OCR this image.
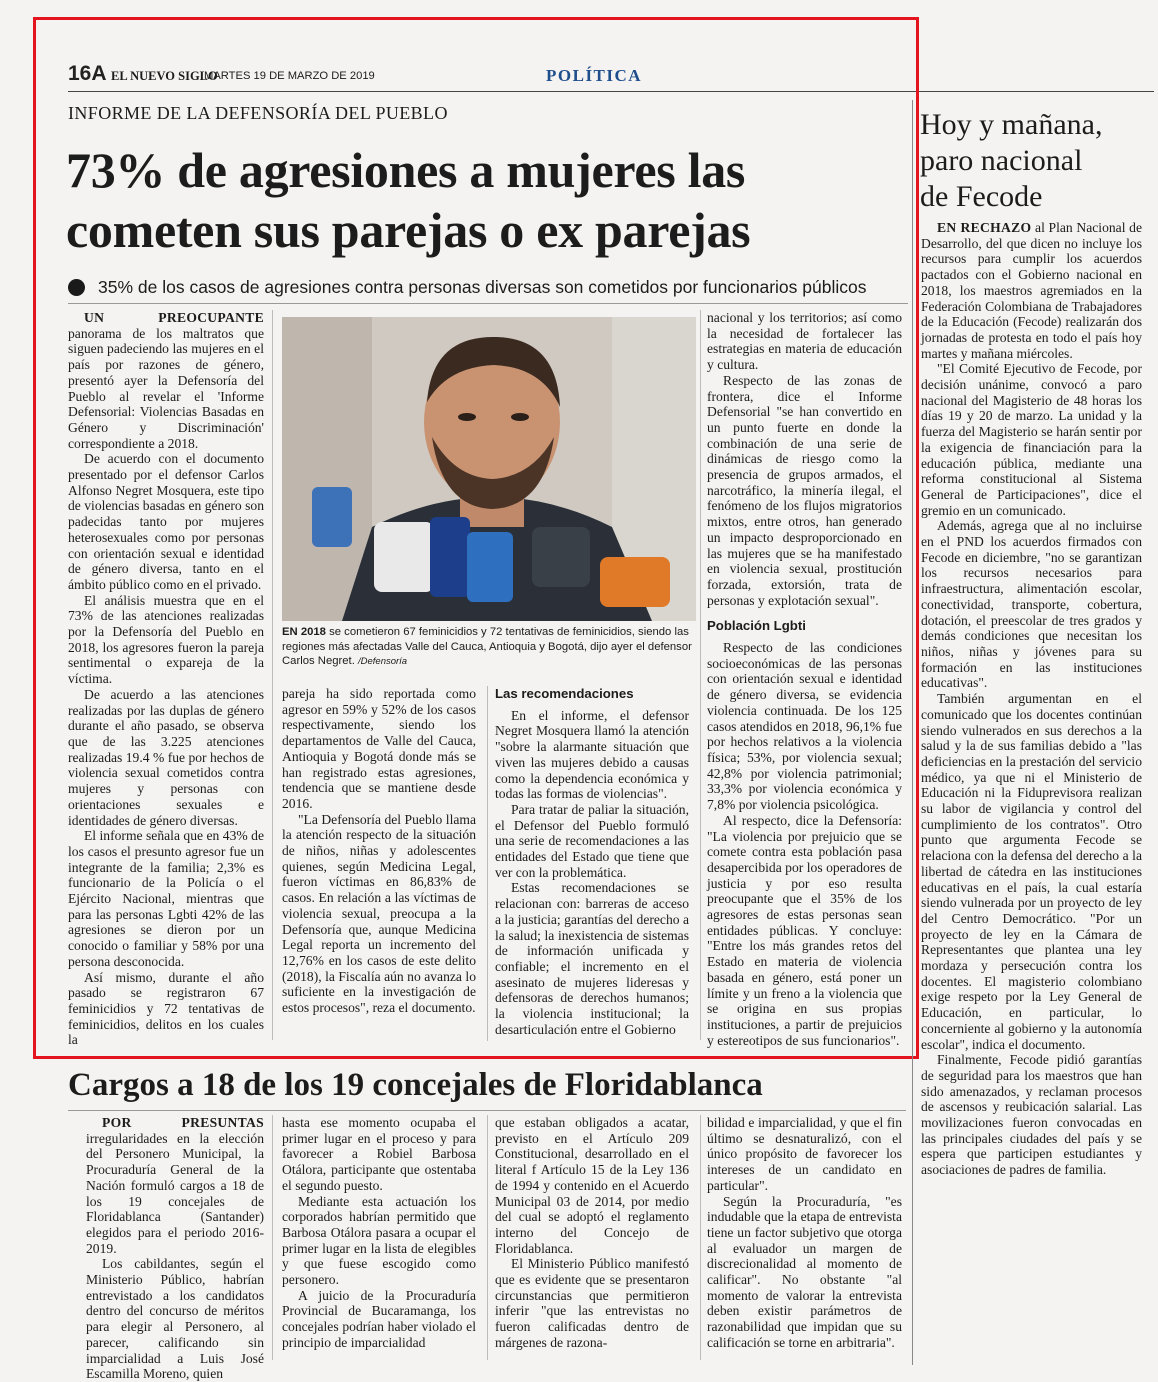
16A EL NUEVO SIGLO
MARTES 19 DE MARZO DE 2019	POLÍTICA
INFORME DE LA DEFENSORÍA DEL PUEBLO
73% de agresiones a mujeres las
cometen sus parejas o ex parejas
35% de los casos de agresiones contra personas diversas son cometidos por funcionarios públicos

UN PREOCUPANTE panorama de los maltratos que siguen padeciendo las mujeres en el país por razones de género, presentó ayer la Defensoría del Pueblo al revelar el 'Informe Defensorial: Violencias Basadas en Género y Discriminación' correspondiente a 2018.

De acuerdo con el documento presentado por el defensor Carlos Alfonso Negret Mosquera, este tipo de violencias basadas en género son padecidas tanto por mujeres heterosexuales como por personas con orientación sexual e identidad de género diversa, tanto en el ámbito público como en el privado.

El análisis muestra que en el 73% de las atenciones realizadas por la Defensoría del Pueblo en 2018, los agresores fueron la pareja sentimental o expareja de la víctima.

De acuerdo a las atenciones realizadas por las duplas de género durante el año pasado, se observa que de las 3.225 atenciones realizadas 19.4 % fue por hechos de violencia sexual cometidos contra mujeres y personas con orientaciones sexuales e identidades de género diversas.

El informe señala que en 43% de los casos el presunto agresor fue un integrante de la familia; 2,3% es funcionario de la Policía o el Ejército Nacional, mientras que para las personas Lgbti 42% de las agresiones se dieron por un conocido o familiar y 58% por una persona desconocida.

Así mismo, durante el año pasado se registraron 67 feminicidios y 72 tentativas de feminicidios, delitos en los cuales la

EN 2018 se cometieron 67 feminicidios y 72 tentativas de feminicidios, siendo las regiones más afectadas Valle del Cauca, Antioquia y Bogotá, dijo ayer el defensor Carlos Negret. /Defensoría

pareja ha sido reportada como agresor en 59% y 52% de los casos respectivamente, siendo los departamentos de Valle del Cauca, Antioquia y Bogotá donde más se han registrado estas agresiones, tendencia que se mantiene desde 2016.

"La Defensoría del Pueblo llama la atención respecto de la situación de niños, niñas y adolescentes quienes, según Medicina Legal, fueron víctimas en 86,83% de casos. En relación a las víctimas de violencia sexual, preocupa a la Defensoría que, aunque Medicina Legal reporta un incremento del 12,76% en los casos de este delito (2018), la Fiscalía aún no avanza lo suficiente en la investigación de estos procesos", reza el documento.

Las recomendaciones

En el informe, el defensor Negret Mosquera llamó la atención "sobre la alarmante situación que viven las mujeres debido a causas como la dependencia económica y todas las formas de violencias".

Para tratar de paliar la situación, el Defensor del Pueblo formuló una serie de recomendaciones a las entidades del Estado que tiene que ver con la problemática.

Estas recomendaciones se relacionan con: barreras de acceso a la justicia; garantías del derecho a la salud; la inexistencia de sistemas de información unificada y confiable; el incremento en el asesinato de mujeres lideresas y defensoras de derechos humanos; la violencia institucional; la desarticulación entre el Gobierno

nacional y los territorios; así como la necesidad de fortalecer las estrategias en materia de educación y cultura.

Respecto de las zonas de frontera, dice el Informe Defensorial "se han convertido en un punto fuerte en donde la combinación de una serie de dinámicas de riesgo como la presencia de grupos armados, el narcotráfico, la minería ilegal, el fenómeno de los flujos migratorios mixtos, entre otros, han generado un impacto desproporcionado en las mujeres que se ha manifestado en violencia sexual, prostitución forzada, extorsión, trata de personas y explotación sexual".

Población Lgbti

Respecto de las condiciones socioeconómicas de las personas con orientación sexual e identidad de género diversa, se evidencia violencia continuada. De los 125 casos atendidos en 2018, 96,1% fue por hechos relativos a la violencia física; 53%, por violencia sexual; 42,8% por violencia patrimonial; 33,3% por violencia económica y 7,8% por violencia psicológica.

Al respecto, dice la Defensoría: "La violencia por prejuicio que se comete contra esta población pasa desapercibida por los operadores de justicia y por eso resulta preocupante que el 35% de los agresores de estas personas sean entidades públicas. Y concluye: "Entre los más grandes retos del Estado en materia de violencia basada en género, está poner un límite y un freno a la violencia que se origina en sus propias instituciones, a partir de prejuicios y estereotipos de sus funcionarios".

Hoy y mañana,
paro nacional
de Fecode

EN RECHAZO al Plan Nacional de Desarrollo, del que dicen no incluye los recursos para cumplir los acuerdos pactados con el Gobierno nacional en 2018, los maestros agremiados en la Federación Colombiana de Trabajadores de la Educación (Fecode) realizarán dos jornadas de protesta en todo el país hoy martes y mañana miércoles.

"El Comité Ejecutivo de Fecode, por decisión unánime, convocó a paro nacional del Magisterio de 48 horas los días 19 y 20 de marzo. La unidad y la fuerza del Magisterio se harán sentir por la exigencia de financiación para la educación pública, mediante una reforma constitucional al Sistema General de Participaciones", dice el gremio en un comunicado.

Además, agrega que al no incluirse en el PND los acuerdos firmados con Fecode en diciembre, "no se garantizan los recursos necesarios para infraestructura, alimentación escolar, conectividad, transporte, cobertura, dotación, el preescolar de tres grados y demás condiciones que necesitan los niños, niñas y jóvenes para su formación en las instituciones educativas".

También argumentan en el comunicado que los docentes continúan siendo vulnerados en sus derechos a la salud y la de sus familias debido a "las deficiencias en la prestación del servicio médico, ya que ni el Ministerio de Educación ni la Fiduprevisora realizan su labor de vigilancia y control del cumplimiento de los contratos". Otro punto que argumenta Fecode se relaciona con la defensa del derecho a la libertad de cátedra en las instituciones educativas en el país, la cual estaría siendo vulnerada por un proyecto de ley del Centro Democrático. "Por un proyecto de ley en la Cámara de Representantes que plantea una ley mordaza y persecución contra los docentes. El magisterio colombiano exige respeto por la Ley General de Educación, en particular, lo concerniente al gobierno y la autonomía escolar", indica el documento.

Finalmente, Fecode pidió garantías de seguridad para los maestros que han sido amenazados, y reclaman procesos de ascensos y reubicación salarial. Las movilizaciones fueron convocadas en las principales ciudades del país y se espera que participen estudiantes y asociaciones de padres de familia.

Cargos a 18 de los 19 concejales de Floridablanca

POR PRESUNTAS irregularidades en la elección del Personero Municipal, la Procuraduría General de la Nación formuló cargos a 18 de los 19 concejales de Floridablanca (Santander) elegidos para el periodo 2016-2019.

Los cabildantes, según el Ministerio Público, habrían entrevistado a los candidatos dentro del concurso de méritos para elegir al Personero, al parecer, calificando sin imparcialidad a Luis José Escamilla Moreno, quien

hasta ese momento ocupaba el primer lugar en el proceso y para favorecer a Robiel Barbosa Otálora, participante que ostentaba el segundo puesto.

Mediante esta actuación los corporados habrían permitido que Barbosa Otálora pasara a ocupar el primer lugar en la lista de elegibles y que fuese escogido como personero.

A juicio de la Procuraduría Provincial de Bucaramanga, los concejales podrían haber violado el principio de imparcialidad

que estaban obligados a acatar, previsto en el Artículo 209 Constitucional, desarrollado en el literal f Artículo 15 de la Ley 136 de 1994 y contenido en el Acuerdo Municipal 03 de 2014, por medio del cual se adoptó el reglamento interno del Concejo de Floridablanca.

El Ministerio Público manifestó que es evidente que se presentaron circunstancias que permitieron inferir "que las entrevistas no fueron calificadas dentro de márgenes de razona-

bilidad e imparcialidad, y que el fin último se desnaturalizó, con el único propósito de favorecer los intereses de un candidato en particular".

Según la Procuraduría, "es indudable que la etapa de entrevista tiene un factor subjetivo que otorga al evaluador un margen de discrecionalidad al momento de calificar". No obstante "al momento de valorar la entrevista deben existir parámetros de razonabilidad que impidan que su calificación se torne en arbitraria".
